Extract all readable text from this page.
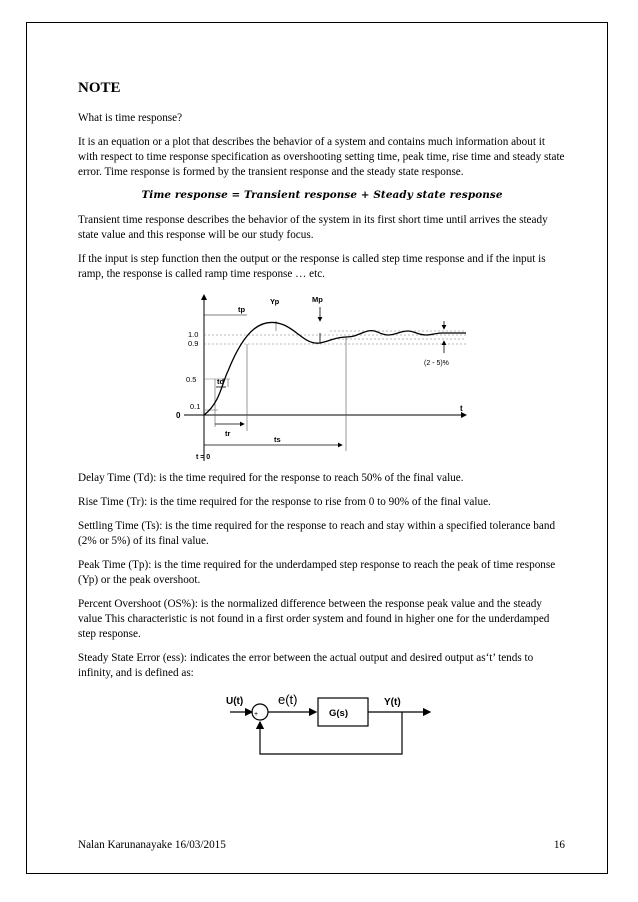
NOTE

What is time response?

It is an equation or a plot that describes the behavior of a system and contains much information about it with respect to time response specification as overshooting setting time, peak time, rise time and steady state error. Time response is formed by the transient response and the steady state response.

Time response = Transient response + Steady state response

Transient time response describes the behavior of the system in its first short time until arrives the steady state value and this response will be our study focus.

If the input is step function then the output or the response is called step time response and if the input is ramp, the response is called ramp time response … etc.

tp
Yp	Mp
1.0
0.9
0.5
0.1
0
td
tr
ts
t
t = 0
(2 - 5)%

Delay Time (Td): is the time required for the response to reach 50% of the final value.

Rise Time (Tr): is the time required for the response to rise from 0 to 90% of the final value.

Settling Time (Ts): is the time required for the response to reach and stay within a specified tolerance band (2% or 5%) of its final value.

Peak Time (Tp): is the time required for the underdamped step response to reach the peak of time response (Yp) or the peak overshoot.

Percent Overshoot (OS%): is the normalized difference between the response peak value and the steady value This characteristic is not found in a first order system and found in higher one for the underdamped step response.

Steady State Error (ess): indicates the error between the actual output and desired output as‘t’ tends to infinity, and is defined as:

U(t)
+
−
e(t)
G(s)
Y(t)
Nalan Karunanayake 16/03/2015	16
